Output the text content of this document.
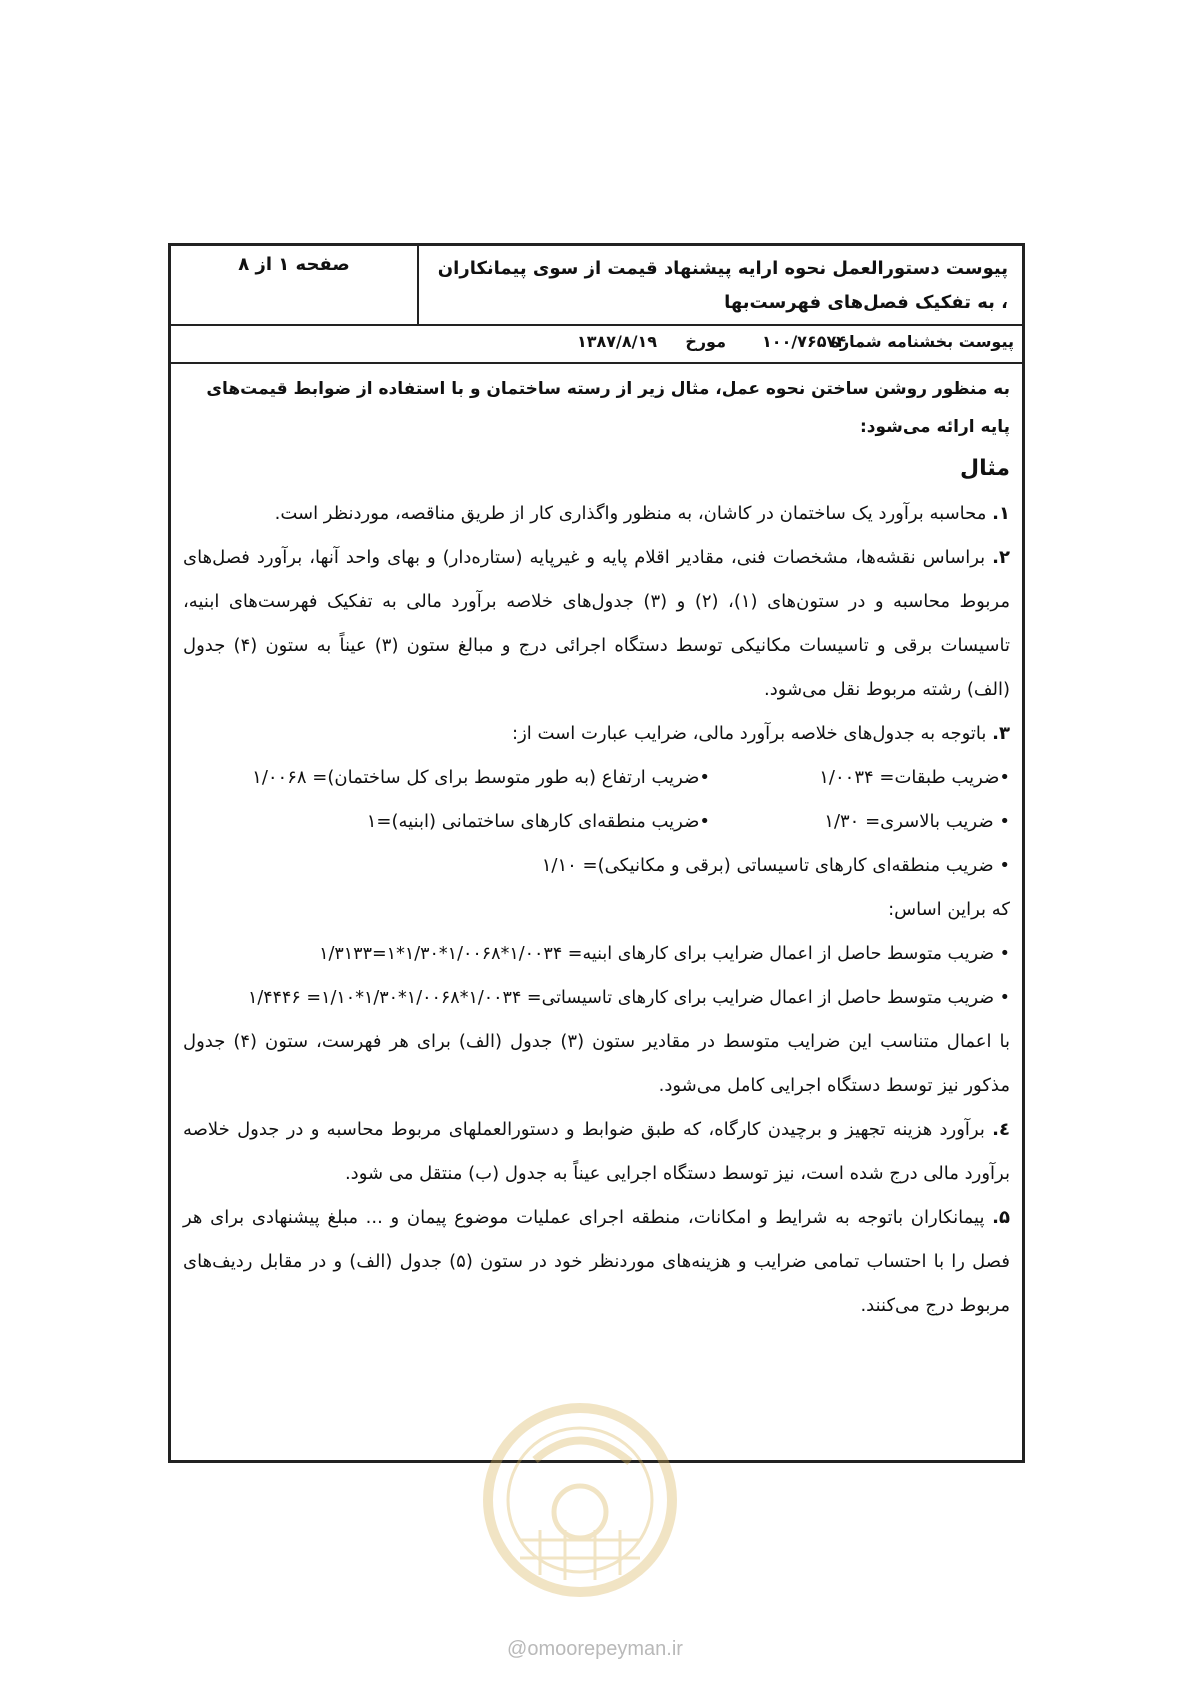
پیوست دستورالعمل نحوه ارایه پیشنهاد قیمت از سوی پیمانکاران ، به تفکیک فصل‌های فهرست‌بها
صفحه ۱ از ۸
پیوست بخشنامه شماره
۱۰۰/۷۶۵۷۴
مورخ
۱۳۸۷/۸/۱۹
به منظور روشن ساختن نحوه عمل، مثال زیر از رسته ساختمان و با استفاده از ضوابط قیمت‌های پایه ارائه می‌شود:
مثال
۱. محاسبه برآورد یک ساختمان در کاشان، به منظور واگذاری کار از طریق مناقصه، موردنظر است.
۲. براساس نقشه‌ها، مشخصات فنی، مقادیر اقلام پایه و غیرپایه (ستاره‌دار) و بهای واحد آنها، برآورد فصل‌های مربوط محاسبه و در ستون‌های (۱)، (۲) و (۳) جدول‌های خلاصه برآورد مالی به تفکیک فهرست‌های ابنیه، تاسیسات برقی و تاسیسات مکانیکی توسط دستگاه اجرائی درج و مبالغ ستون (۳) عیناً به ستون (۴) جدول (الف) رشته مربوط نقل می‌شود.
۳. باتوجه به جدول‌های خلاصه برآورد مالی، ضرایب عبارت است از:
•ضریب طبقات= ۱/۰۰۳۴
•ضریب ارتفاع (به طور متوسط برای کل ساختمان)= ۱/۰۰۶۸
• ضریب بالاسری= ۱/۳۰
•ضریب منطقه‌ای کارهای ساختمانی (ابنیه)=۱
• ضریب منطقه‌ای کارهای تاسیساتی (برقی و مکانیکی)= ۱/۱۰
که براین اساس:
• ضریب متوسط حاصل از اعمال ضرایب برای کارهای ابنیه= ۱/۰۰۳۴*۱/۰۰۶۸*۱/۳۰*۱=۱/۳۱۳۳
• ضریب متوسط حاصل از اعمال ضرایب برای کارهای تاسیساتی= ۱/۰۰۳۴*۱/۰۰۶۸*۱/۳۰*۱/۱۰= ۱/۴۴۴۶
با اعمال متناسب این ضرایب متوسط در مقادیر ستون (۳) جدول (الف) برای هر فهرست، ستون (۴) جدول مذکور نیز توسط دستگاه اجرایی کامل می‌شود.
٤. برآورد هزینه تجهیز و برچیدن کارگاه، که طبق ضوابط و دستورالعملهای مربوط محاسبه و در جدول خلاصه برآورد مالی درج شده است، نیز توسط دستگاه اجرایی عیناً به جدول (ب) منتقل می شود.
۵. پیمانکاران باتوجه به شرایط و امکانات، منطقه اجرای عملیات موضوع پیمان و ... مبلغ پیشنهادی برای هر فصل را با احتساب تمامی ضرایب و هزینه‌های موردنظر خود در ستون (۵) جدول (الف) و در مقابل ردیف‌های مربوط درج می‌کنند.
@omoorepeyman.ir
